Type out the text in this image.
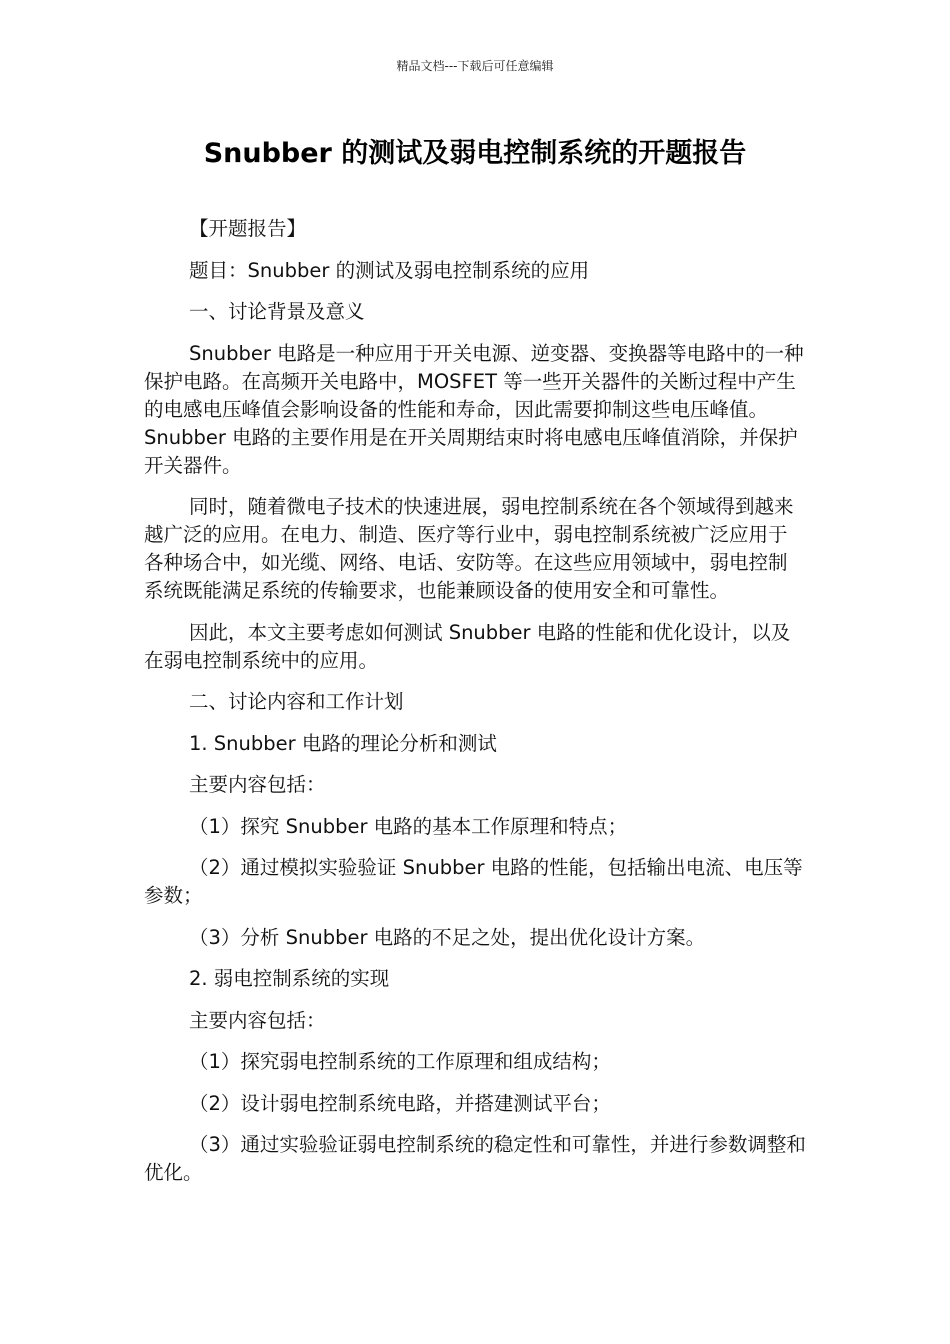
精品文档---下载后可任意编辑
Snubber 的测试及弱电控制系统的开题报告

【开题报告】

题目：Snubber 的测试及弱电控制系统的应用

一、讨论背景及意义

Snubber 电路是一种应用于开关电源、逆变器、变换器等电路中的一种保护电路。在高频开关电路中，MOSFET 等一些开关器件的关断过程中产生的电感电压峰值会影响设备的性能和寿命，因此需要抑制这些电压峰值。Snubber 电路的主要作用是在开关周期结束时将电感电压峰值消除，并保护开关器件。

同时，随着微电子技术的快速进展，弱电控制系统在各个领域得到越来越广泛的应用。在电力、制造、医疗等行业中，弱电控制系统被广泛应用于各种场合中，如光缆、网络、电话、安防等。在这些应用领域中，弱电控制系统既能满足系统的传输要求，也能兼顾设备的使用安全和可靠性。

因此，本文主要考虑如何测试 Snubber 电路的性能和优化设计，以及在弱电控制系统中的应用。

二、讨论内容和工作计划

1. Snubber 电路的理论分析和测试

主要内容包括：

（1）探究 Snubber 电路的基本工作原理和特点；

（2）通过模拟实验验证 Snubber 电路的性能，包括输出电流、电压等参数；

（3）分析 Snubber 电路的不足之处，提出优化设计方案。

2. 弱电控制系统的实现

主要内容包括：

（1）探究弱电控制系统的工作原理和组成结构；

（2）设计弱电控制系统电路，并搭建测试平台；

（3）通过实验验证弱电控制系统的稳定性和可靠性，并进行参数调整和优化。
